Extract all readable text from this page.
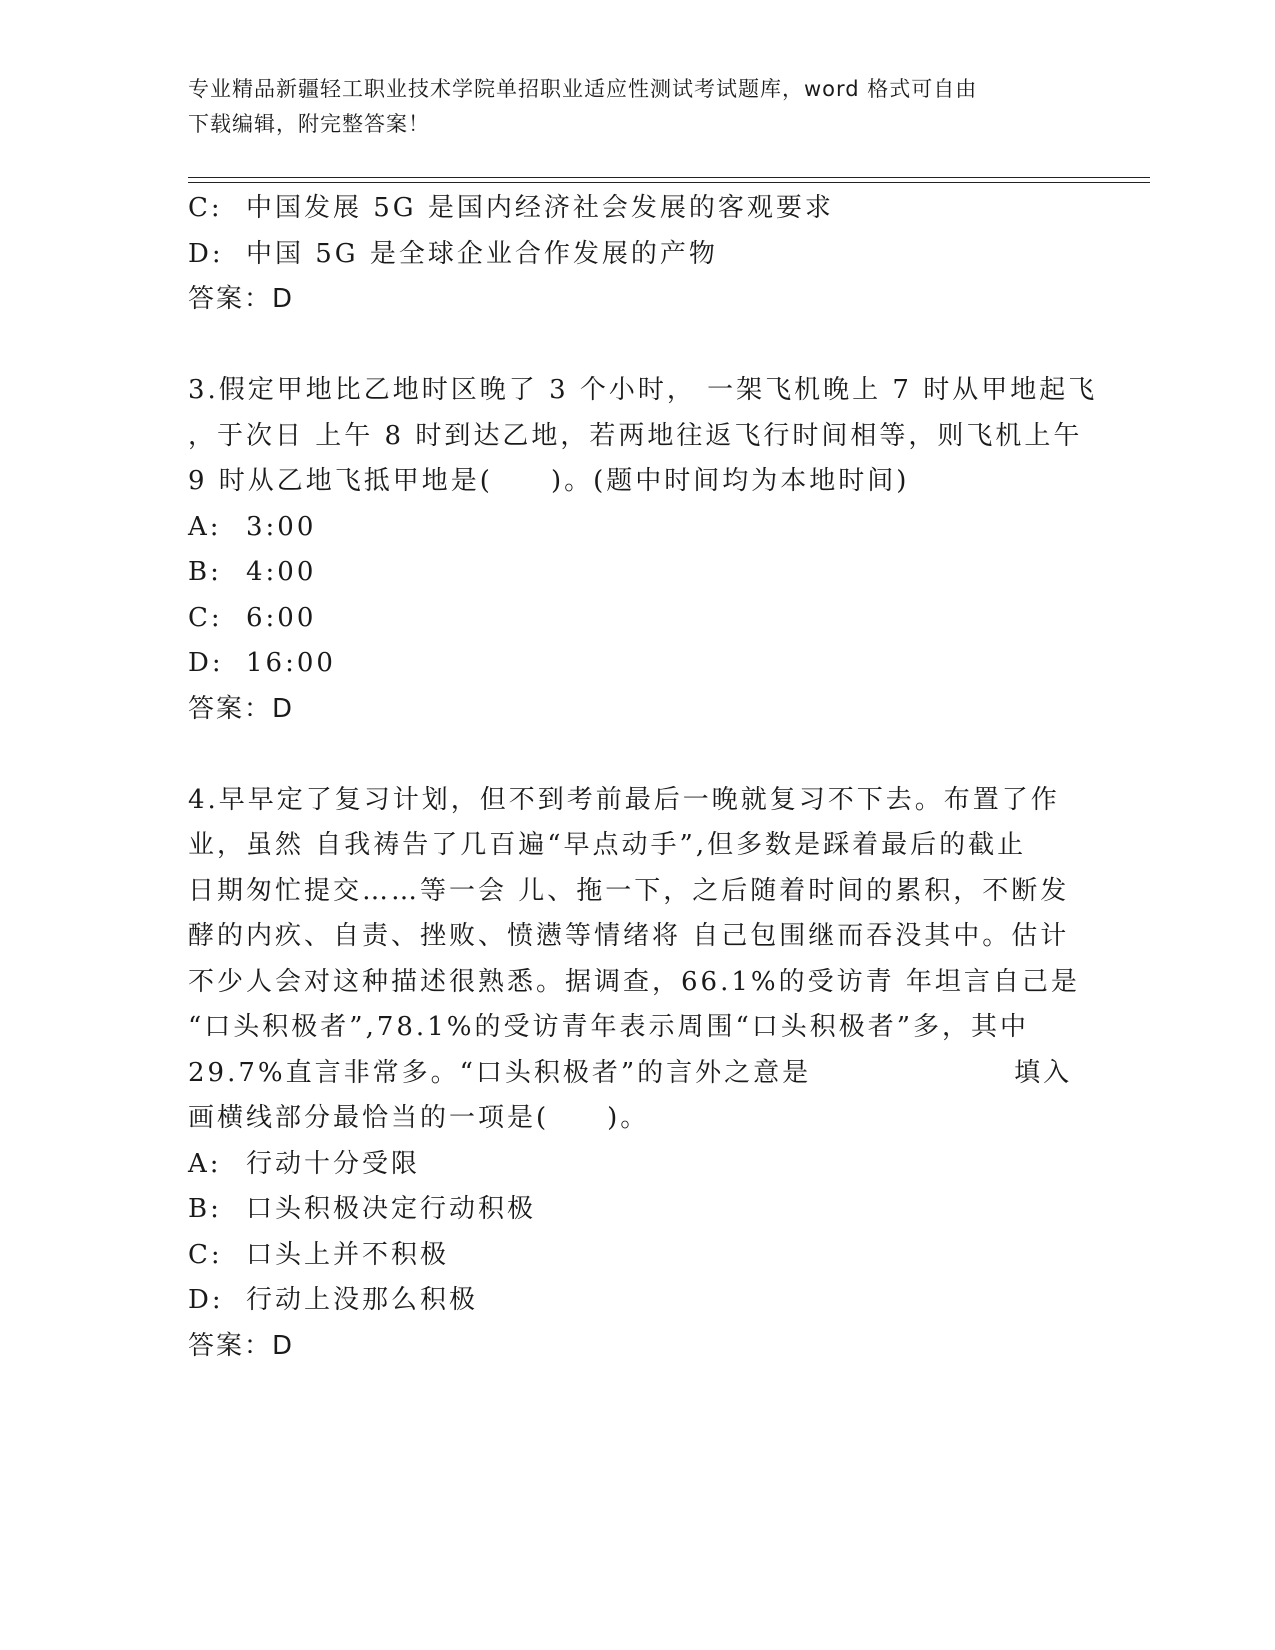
专业精品新疆轻工职业技术学院单招职业适应性测试考试题库，word 格式可自由
下载编辑，附完整答案！
C: 中国发展 5G 是国内经济社会发展的客观要求
D: 中国 5G 是全球企业合作发展的产物
答案：D
3.假定甲地比乙地时区晚了 3 个小时， 一架飞机晚上 7 时从甲地起飞
，于次日 上午 8 时到达乙地，若两地往返飞行时间相等，则飞机上午
9 时从乙地飞抵甲地是(　　)。(题中时间均为本地时间)
A: 3:00
B: 4:00
C: 6:00
D: 16:00
答案：D
4.早早定了复习计划，但不到考前最后一晚就复习不下去。布置了作
业，虽然 自我祷告了几百遍“早点动手”,但多数是踩着最后的截止
日期匆忙提交……等一会 儿、拖一下，之后随着时间的累积，不断发
酵的内疚、自责、挫败、愤懑等情绪将 自己包围继而吞没其中。估计
不少人会对这种描述很熟悉。据调查，66.1%的受访青 年坦言自己是
“口头积极者”,78.1%的受访青年表示周围“口头积极者”多，其中
29.7%直言非常多。“口头积极者”的言外之意是　　　　　　　填入
画横线部分最恰当的一项是(　　)。
A: 行动十分受限
B: 口头积极决定行动积极
C: 口头上并不积极
D: 行动上没那么积极
答案：D
